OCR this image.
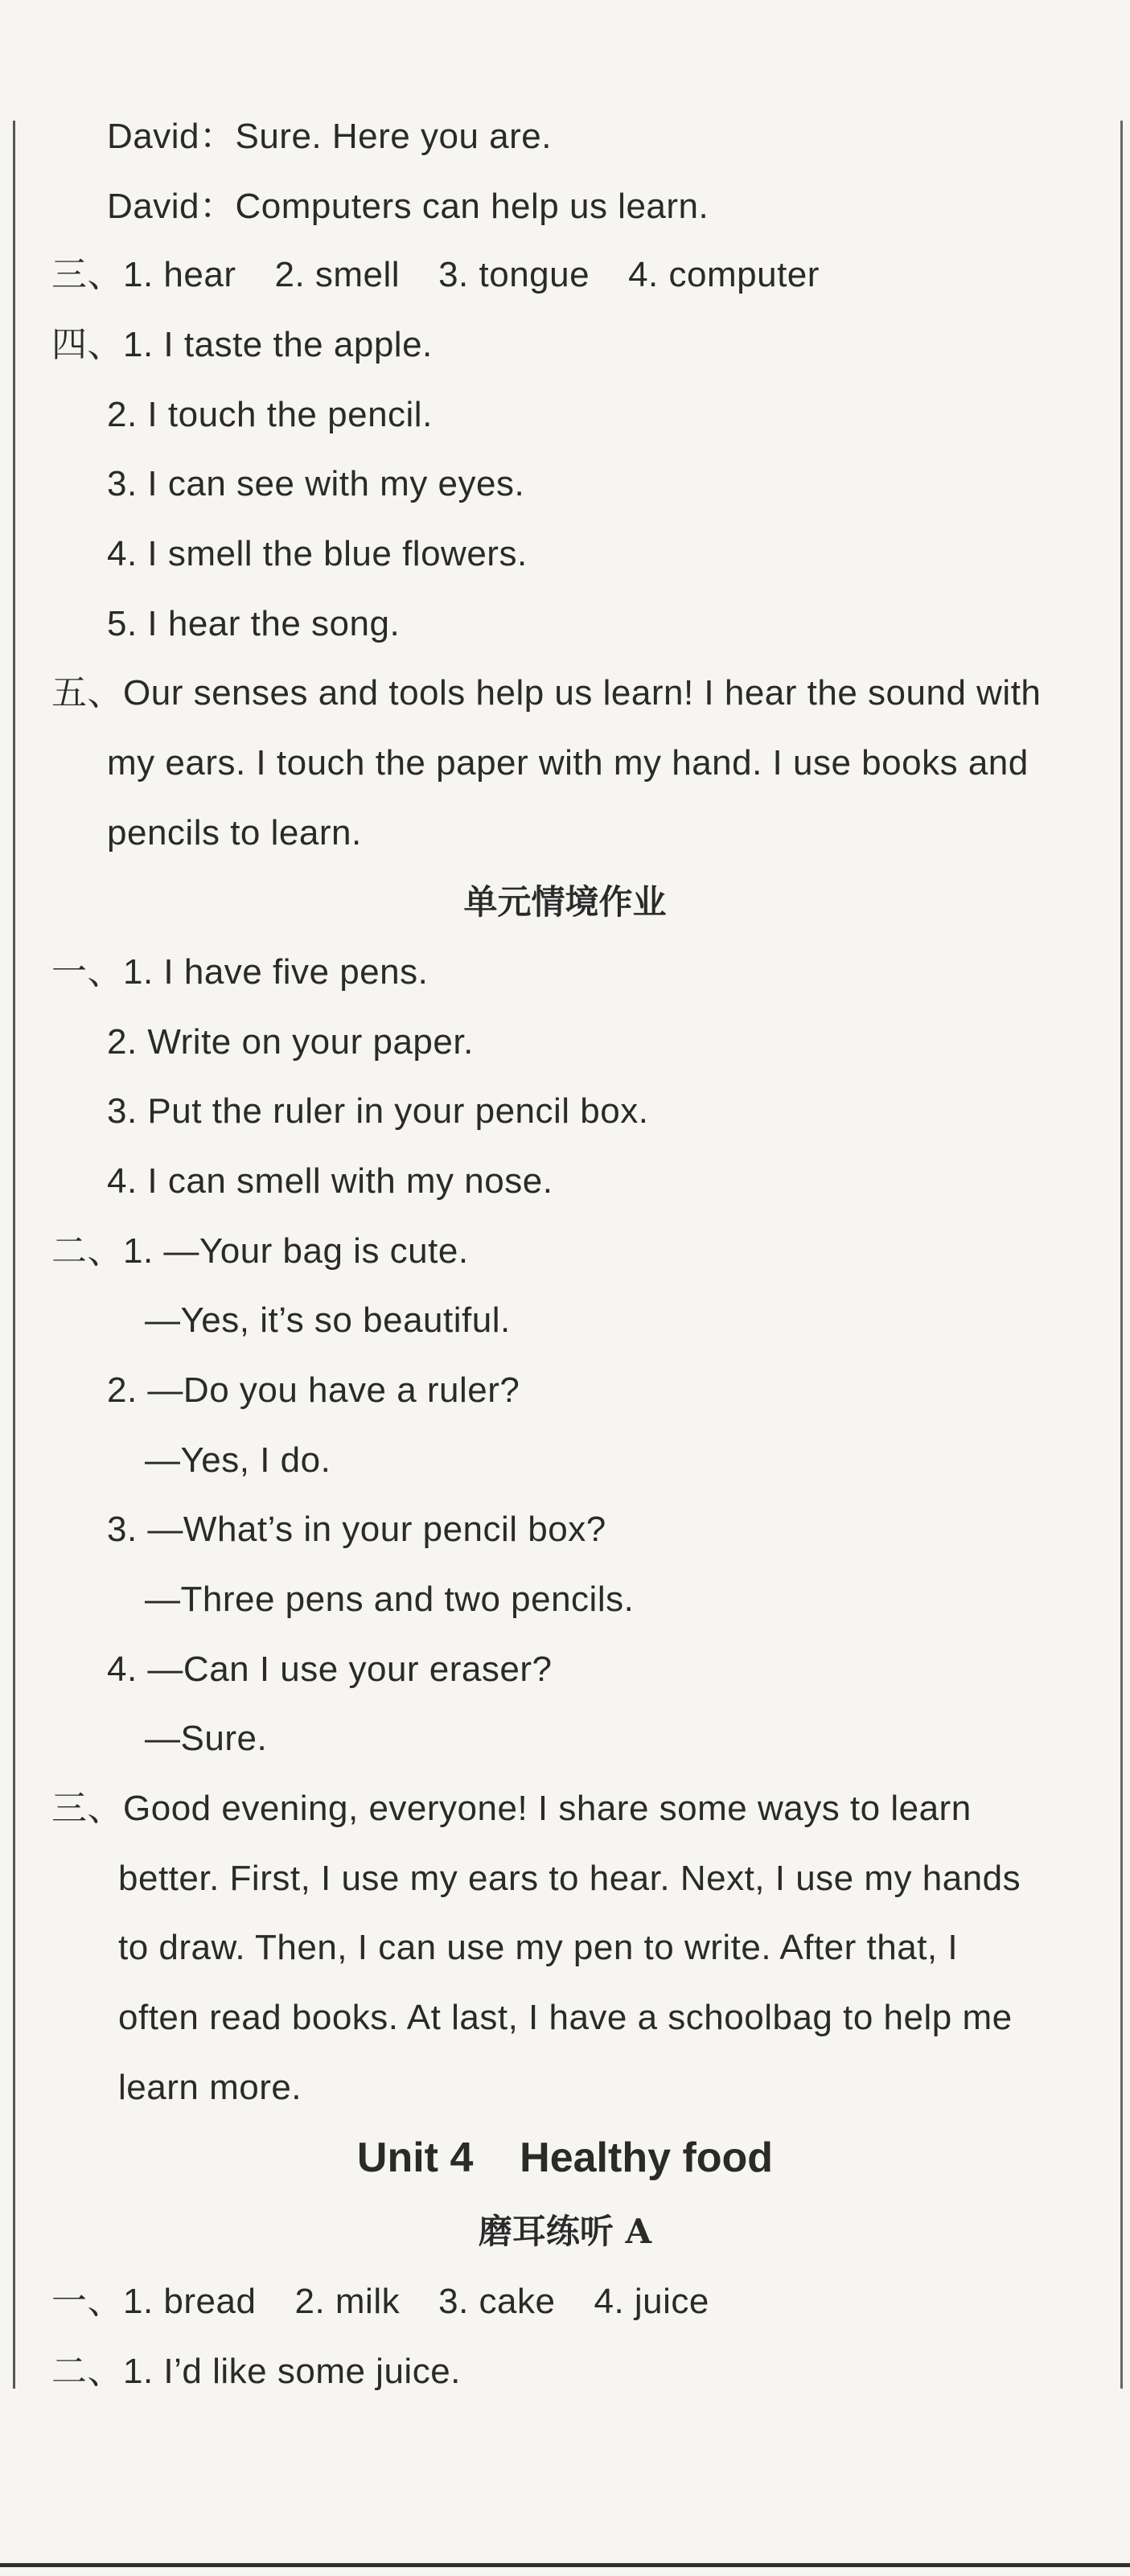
David：Sure. Here you are.
David：Computers can help us learn.
三、1. hear 2. smell 3. tongue 4. computer
四、1. I taste the apple.
2. I touch the pencil.
3. I can see with my eyes.
4. I smell the blue flowers.
5. I hear the song.
五、Our senses and tools help us learn! I hear the sound with
my ears. I touch the paper with my hand. I use books and
pencils to learn.
单元情境作业
一、1. I have five pens.
2. Write on your paper.
3. Put the ruler in your pencil box.
4. I can smell with my nose.
二、1. —Your bag is cute.
—Yes, it’s so beautiful.
2. —Do you have a ruler?
—Yes, I do.
3. —What’s in your pencil box?
—Three pens and two pencils.
4. —Can I use your eraser?
—Sure.
三、Good evening, everyone! I share some ways to learn
better. First, I use my ears to hear. Next, I use my hands
to draw. Then, I can use my pen to write. After that, I
often read books. At last, I have a schoolbag to help me
learn more.
Unit 4    Healthy food
磨耳练听 A
一、1. bread 2. milk 3. cake 4. juice
二、1. I’d like some juice.
